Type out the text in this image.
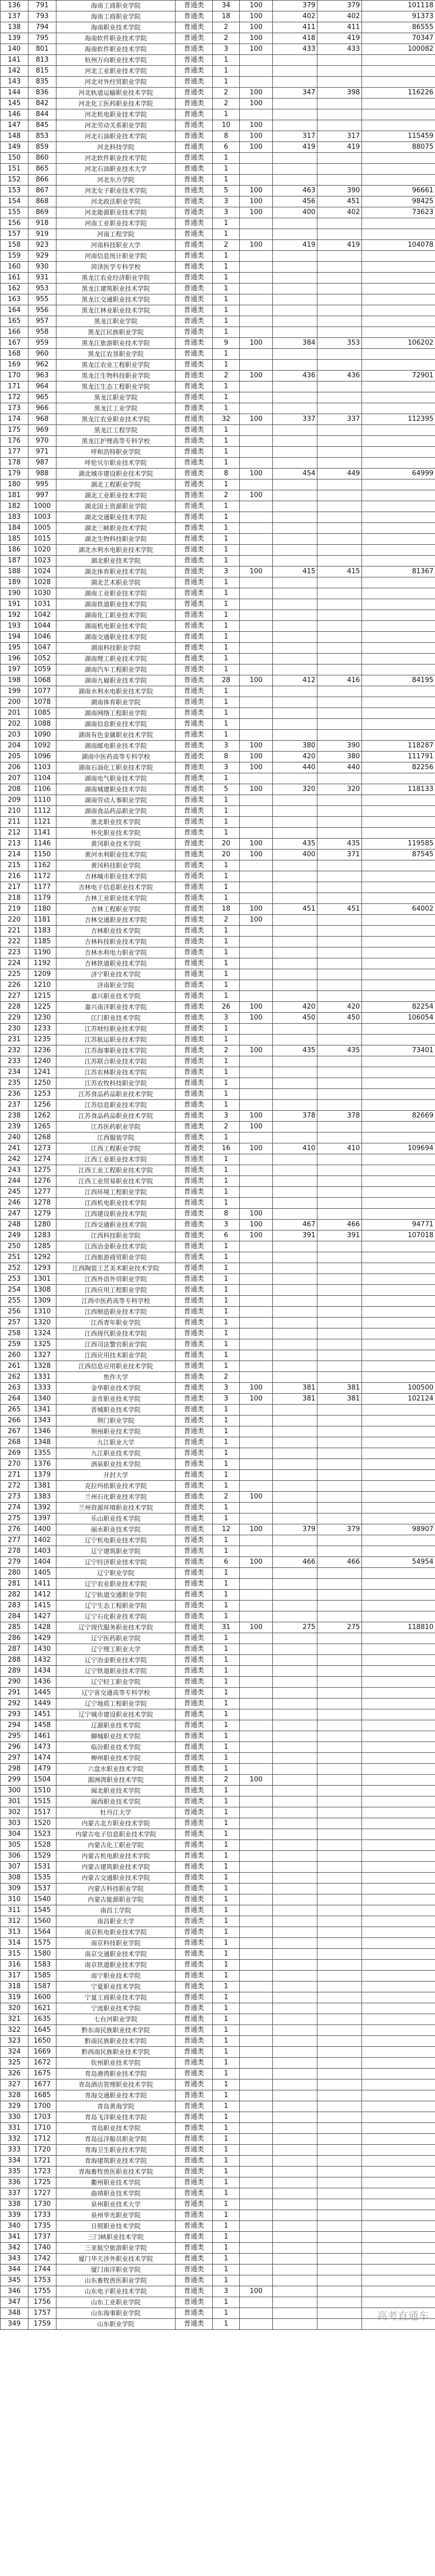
136	791	海南工商职业学院	普通类	34	100	379	379	101118
137	793	海南工商职业学院	普通类	18	100	402	402	91373
138	794	海南职业技术学院	普通类	2	100	411	411	86555
139	795	海南软件职业技术学院	普通类	2	100	418	419	70347
140	801	海南软件职业技术学院	普通类	3	100	433	433	100082
141	813	杭州万向职业技术学院	普通类	1				
142	815	河北工业职业技术学院	普通类	1				
143	835	河北对外经贸职业学院	普通类	1				
144	836	河北轨道运输职业技术学院	普通类	2	100	347	398	116226
145	842	河北化工医药职业技术学院	普通类	2	100			
146	844	河北机电职业技术学院	普通类	1				
147	845	河北劳动关系职业学院	普通类	10	100			
148	853	河北石油职业技术学院	普通类	8	100	317	317	115459
149	859	河北科技学院	普通类	6	100	419	419	88075
150	860	河北软件职业技术学院	普通类	1				
151	865	河北石油职业技术大学	普通类	1				
152	866	河北东方学院	普通类	1				
153	867	河北女子职业技术学院	普通类	5	100	463	390	96661
154	868	河北政法职业学院	普通类	3	100	456	451	98425
155	869	河北能源职业技术学院	普通类	3	100	400	402	73623
156	918	河南工业职业技术学院	普通类	1				
157	919	河南工程学院	普通类	1				
158	923	河南科技职业大学	普通类	2	100	419	419	104078
159	929	河南信息统计职业学院	普通类	1				
160	930	菏泽医学专科学校	普通类	1				
161	931	黑龙江农业经济职业学院	普通类	1				
162	953	黑龙江建筑职业技术学院	普通类	1				
163	955	黑龙江交通职业技术学院	普通类	1				
164	956	黑龙江林业职业技术学院	普通类	1				
165	957	黑龙江职业学院	普通类	1				
166	958	黑龙江民族职业学院	普通类	1				
167	959	黑龙江旅游职业技术学院	普通类	9	100	384	353	106202
168	960	黑龙江农垦职业学院	普通类	1				
169	962	黑龙江农业工程职业学院	普通类	1				
170	963	黑龙江生物科技职业学院	普通类	2	100	436	436	72901
171	964	黑龙江生态工程职业学院	普通类	1				
172	965	黑龙江职业学院	普通类	1				
173	966	黑龙江工业学院	普通类	1				
174	968	黑龙江农业职业技术学院	普通类	32	100	337	337	112395
175	969	黑龙江工程学院	普通类	1				
176	970	黑龙江护理高等专科学校	普通类	1				
177	971	呼和浩特职业学院	普通类	1				
178	987	呼伦贝尔职业技术学院	普通类	1				
179	988	湖北城市建设职业技术学院	普通类	8	100	454	449	64999
180	995	湖北工程职业学院	普通类	1				
181	997	湖北工业职业技术学院	普通类	2	100			
182	1000	湖北国土资源职业学院	普通类	1				
183	1003	湖北交通职业技术学院	普通类	1				
184	1005	湖北三峡职业技术学院	普通类	1				
185	1015	湖北生物科技职业学院	普通类	1				
186	1020	湖北水利水电职业技术学院	普通类	1				
187	1023	湖北职业技术学院	普通类	1				
188	1024	湖北体育职业技术学院	普通类	3	100	415	415	81367
189	1028	湖北艺术职业学院	普通类	1				
190	1030	湖南工业职业技术学院	普通类	1				
191	1031	湖南铁道职业技术学院	普通类	1				
192	1042	湖南化工职业技术学院	普通类	1				
193	1044	湖南机电职业技术学院	普通类	1				
194	1046	湖南交通职业技术学院	普通类	1				
195	1047	湖南科技职业学院	普通类	1				
196	1052	湖南理工职业技术学院	普通类	1				
197	1059	湖南汽车工程职业学院	普通类	1				
198	1068	湖南九嶷职业技术学院	普通类	28	100	412	416	84195
199	1077	湖南水利水电职业技术学院	普通类	1				
200	1078	湖南体育职业学院	普通类	1				
201	1085	湖南网络工程职业学院	普通类	1				
202	1088	湖南信息职业技术学院	普通类	1				
203	1090	湖南有色金属职业技术学院	普通类	1				
204	1092	湖南邮电职业技术学院	普通类	3	100	380	390	118287
205	1096	湖南中医药高等专科学校	普通类	8	100	420	380	111791
206	1103	湖南石油化工职业技术学院	普通类	3	100	440	440	82256
207	1104	湖南电气职业技术学院	普通类	1				
208	1106	湖南城建职业技术学院	普通类	5	100	320	320	118133
209	1110	湖南劳动人事职业学院	普通类	1				
210	1112	湖南食品药品职业学院	普通类	1				
211	1121	淮北职业技术学院	普通类	1				
212	1141	怀化职业技术学院	普通类	1				
213	1146	黄冈职业技术学院	普通类	20	100	435	435	119585
214	1150	黄河水利职业技术学院	普通类	20	100	400	371	87545
215	1162	黄冈科技职业学院	普通类	1				
216	1172	吉林城市职业技术学院	普通类	1				
217	1177	吉林电子信息职业技术学院	普通类	1				
218	1179	吉林工业职业技术学院	普通类	1				
219	1180	吉林工程职业学院	普通类	18	100	451	451	64002
220	1181	吉林交通职业技术学院	普通类	2	100			
221	1183	吉林职业技术学院	普通类	1				
222	1185	吉林科技职业技术学院	普通类	1				
223	1190	吉林水利电力职业学院	普通类	1				
224	1192	吉林铁道职业技术学院	普通类	1				
225	1209	济宁职业技术学院	普通类	1				
226	1210	济南职业学院	普通类	1				
227	1215	嘉兴职业技术学院	普通类	1				
228	1225	嘉兴南洋职业技术学院	普通类	26	100	420	420	82254
229	1230	江门职业技术学院	普通类	3	100	450	450	106054
230	1233	江苏财经职业技术学院	普通类	1				
231	1235	江苏航运职业技术学院	普通类	1				
232	1236	江苏海事职业技术学院	普通类	2	100	435	435	73401
233	1240	江苏联合职业技术学院	普通类	1				
234	1241	江苏农林职业技术学院	普通类	1				
235	1250	江苏农牧科技职业学院	普通类	1				
236	1253	江苏食品药品职业技术学院	普通类	1				
237	1256	江苏信息职业技术学院	普通类	1				
238	1262	江苏食品药品职业技术学院	普通类	3	100	378	378	82669
239	1265	江苏医药职业学院	普通类	2	100			
240	1268	江西服装学院	普通类	1				
241	1273	江西工程职业学院	普通类	16	100	410	410	109694
242	1274	江西工业职业技术学院	普通类	1				
243	1275	江西工业工程职业技术学院	普通类	1				
244	1276	江西工业贸易职业技术学院	普通类	1				
245	1277	江西环境工程职业学院	普通类	1				
246	1278	江西机电职业技术学院	普通类	1				
247	1279	江西建设职业技术学院	普通类	8	100			
248	1280	江西交通职业技术学院	普通类	3	100	467	466	94771
249	1283	江西科技职业学院	普通类	6	100	391	391	107018
250	1285	江西冶金职业技术学院	普通类	1				
251	1292	江西旅游商贸职业学院	普通类	1				
252	1293	江西陶瓷工艺美术职业技术学院	普通类	1				
253	1301	江西外语外贸职业学院	普通类	1				
254	1308	江西应用工程职业学院	普通类	1				
255	1309	江西中医药高等专科学校	普通类	1				
256	1310	江西制造职业技术学院	普通类	1				
257	1320	江西青年职业学院	普通类	1				
258	1324	江西现代职业技术学院	普通类	1				
259	1325	江西司法警官职业学院	普通类	1				
260	1327	江西应用技术职业学院	普通类	1				
261	1328	江西信息应用职业技术学院	普通类	1				
262	1331	焦作大学	普通类	2				
263	1333	金华职业技术学院	普通类	3	100	381	381	100500
264	1340	金肯职业技术学院	普通类	3	100	381	381	102124
265	1341	晋城职业技术学院	普通类	1				
266	1343	荆门职业学院	普通类	1				
267	1346	荆州职业技术学院	普通类	1				
268	1348	九江职业大学	普通类	1				
269	1355	九江职业技术学院	普通类	1				
270	1376	酒泉职业技术学院	普通类	1				
271	1379	开封大学	普通类	1				
272	1381	克拉玛依职业技术学院	普通类	1				
273	1383	兰州石化职业技术学院	普通类	2	100			
274	1392	兰州资源环境职业技术学院	普通类	1				
275	1397	乐山职业技术学院	普通类	1				
276	1400	丽水职业技术学院	普通类	12	100	379	379	98907
277	1402	辽宁机电职业技术学院	普通类	1				
278	1403	辽宁建筑职业学院	普通类	1				
279	1404	辽宁经济职业技术学院	普通类	6	100	466	466	54954
280	1405	辽宁职业学院	普通类	1				
281	1411	辽宁农业职业技术学院	普通类	1				
282	1412	辽宁轨道交通职业学院	普通类	1				
283	1415	辽宁生态工程职业学院	普通类	1				
284	1427	辽宁石化职业技术学院	普通类	1				
285	1428	辽宁现代服务职业技术学院	普通类	31	100	275	275	118810
286	1429	辽宁医药职业学院	普通类	1				
287	1430	辽宁理工职业大学	普通类	1				
288	1432	辽宁冶金职业技术学院	普通类	1				
289	1434	辽宁铁道职业技术学院	普通类	1				
290	1436	辽宁轻工职业学院	普通类	1				
291	1445	辽宁省交通高等专科学校	普通类	1				
292	1449	辽宁地质工程职业学院	普通类	1				
293	1451	辽宁城市建设职业技术学院	普通类	1				
294	1458	辽源职业技术学院	普通类	1				
295	1461	聊城职业技术学院	普通类	1				
296	1473	临汾职业技术学院	普通类	1				
297	1474	柳州职业技术学院	普通类	1				
298	1479	六盘水职业技术学院	普通类	1				
299	1504	湄洲湾职业技术学院	普通类	2	100			
300	1510	闽北职业技术学院	普通类	1				
301	1515	闽西职业技术学院	普通类	1				
302	1517	牡丹江大学	普通类	1				
303	1520	内蒙古北方职业技术学院	普通类	1				
304	1523	内蒙古电子信息职业技术学院	普通类	1				
305	1528	内蒙古化工职业学院	普通类	1				
306	1529	内蒙古机电职业技术学院	普通类	1				
307	1531	内蒙古建筑职业技术学院	普通类	1				
308	1535	内蒙古交通职业技术学院	普通类	1				
309	1537	内蒙古科技职业学院	普通类	1				
310	1540	内蒙古能源职业学院	普通类	1				
311	1545	南昌工学院	普通类	1				
312	1560	南昌职业大学	普通类	1				
313	1564	南京机电职业技术学院	普通类	1				
314	1575	南京科技职业学院	普通类	1				
315	1580	南京交通职业技术学院	普通类	1				
316	1583	南京铁道职业技术学院	普通类	1				
317	1585	南宁职业技术学院	普通类	1				
318	1587	宁夏职业技术学院	普通类	1				
319	1600	宁夏工商职业技术学院	普通类	1				
320	1621	宁波职业技术学院	普通类	1				
321	1635	七台河职业学院	普通类	1				
322	1645	黔东南民族职业技术学院	普通类	1				
323	1650	黔南民族职业技术学院	普通类	1				
324	1669	黔西南民族职业技术学院	普通类	1				
325	1672	钦州职业技术学院	普通类	1				
326	1675	青岛港湾职业技术学院	普通类	1				
327	1677	青岛酒店管理职业技术学院	普通类	1				
328	1685	青海交通职业技术学院	普通类	1				
329	1700	青岛黄海学院	普通类	1				
330	1703	青岛飞洋职业技术学院	普通类	1				
331	1710	青岛职业技术学院	普通类	1				
332	1712	青岛远洋船员职业学院	普通类	1				
333	1720	青海卫生职业技术学院	普通类	1				
334	1721	青海建筑职业技术学院	普通类	1				
335	1723	青海畜牧兽医职业技术学院	普通类	1				
336	1725	衢州职业技术学院	普通类	1				
337	1727	曲靖职业技术学院	普通类	1				
338	1730	泉州职业技术大学	普通类	1				
339	1733	泉州华光职业学院	普通类	1				
340	1735	日照职业技术学院	普通类	1				
341	1737	三门峡职业技术学院	普通类	1				
342	1740	三亚航空旅游职业学院	普通类	1				
343	1742	厦门华天涉外职业技术学院	普通类	1				
344	1744	厦门南洋职业学院	普通类	1				
345	1753	山东畜牧兽医职业学院	普通类	1				
346	1755	山东电子职业技术学院	普通类	3	100			
347	1756	山东工业职业学院	普通类	1				
348	1757	山东海事职业学院	普通类	1				
349	1759	山东职业学院	普通类	1				
高考直通车
